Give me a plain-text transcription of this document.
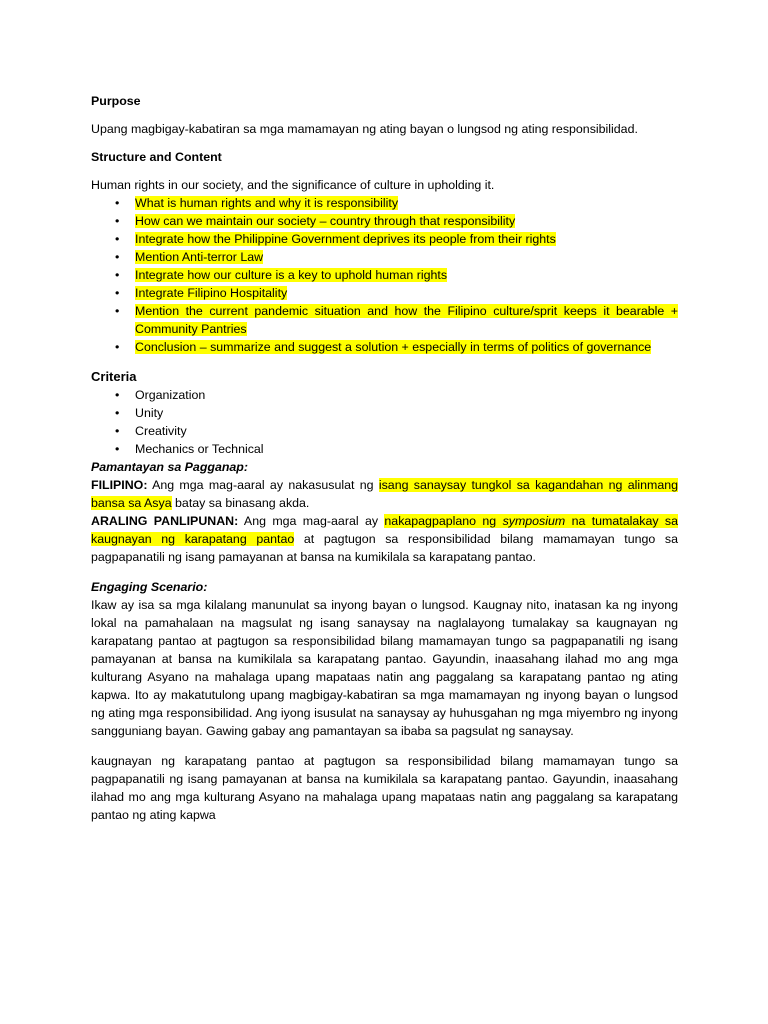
Purpose

Upang magbigay-kabatiran sa mga mamamayan ng ating bayan o lungsod ng ating responsibilidad.

Structure and Content

Human rights in our society, and the significance of culture in upholding it.

• What is human rights and why it is responsibility
• How can we maintain our society – country through that responsibility
• Integrate how the Philippine Government deprives its people from their rights
• Mention Anti-terror Law
• Integrate how our culture is a key to uphold human rights
• Integrate Filipino Hospitality
• Mention the current pandemic situation and how the Filipino culture/sprit keeps it bearable + Community Pantries
• Conclusion – summarize and suggest a solution + especially in terms of politics of governance

Criteria

• Organization
• Unity
• Creativity
• Mechanics or Technical

Pamantayan sa Pagganap:

FILIPINO: Ang mga mag-aaral ay nakasusulat ng isang sanaysay tungkol sa kagandahan ng alinmang bansa sa Asya batay sa binasang akda.

ARALING PANLIPUNAN: Ang mga mag-aaral ay nakapagpaplano ng symposium na tumatalakay sa kaugnayan ng karapatang pantao at pagtugon sa responsibilidad bilang mamamayan tungo sa pagpapanatili ng isang pamayanan at bansa na kumikilala sa karapatang pantao.

Engaging Scenario:

Ikaw ay isa sa mga kilalang manunulat sa inyong bayan o lungsod. Kaugnay nito, inatasan ka ng inyong lokal na pamahalaan na magsulat ng isang sanaysay na naglalayong tumalakay sa kaugnayan ng karapatang pantao at pagtugon sa responsibilidad bilang mamamayan tungo sa pagpapanatili ng isang pamayanan at bansa na kumikilala sa karapatang pantao. Gayundin, inaasahang ilahad mo ang mga kulturang Asyano na mahalaga upang mapataas natin ang paggalang sa karapatang pantao ng ating kapwa. Ito ay makatutulong upang magbigay-kabatiran sa mga mamamayan ng inyong bayan o lungsod ng ating mga responsibilidad. Ang iyong isusulat na sanaysay ay huhusgahan ng mga miyembro ng inyong sangguniang bayan. Gawing gabay ang pamantayan sa ibaba sa pagsulat ng sanaysay.

kaugnayan ng karapatang pantao at pagtugon sa responsibilidad bilang mamamayan tungo sa pagpapanatili ng isang pamayanan at bansa na kumikilala sa karapatang pantao. Gayundin, inaasahang ilahad mo ang mga kulturang Asyano na mahalaga upang mapataas natin ang paggalang sa karapatang pantao ng ating kapwa
